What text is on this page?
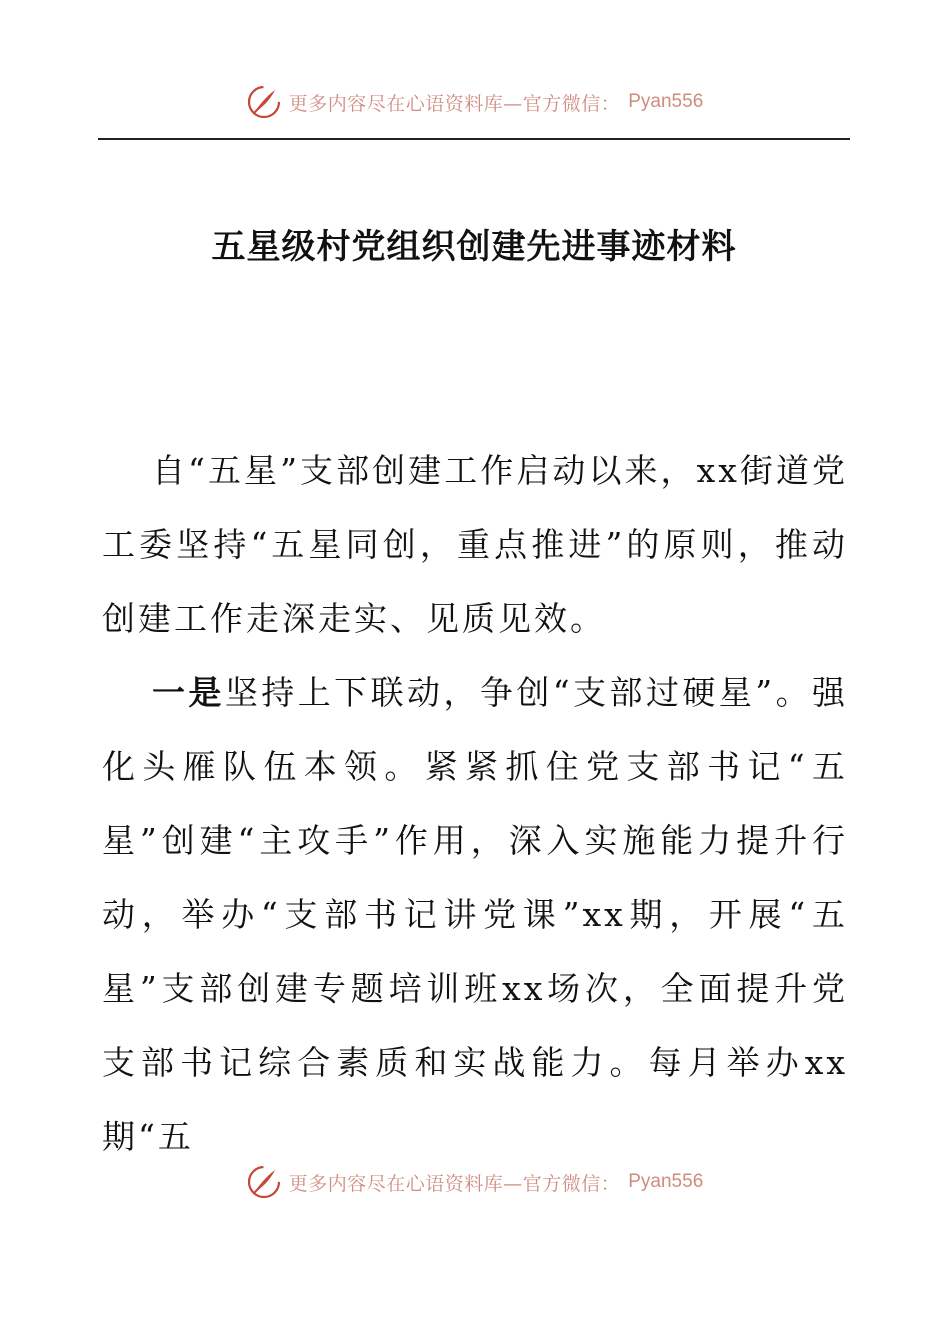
更多内容尽在心语资料库—官方微信： Pyan556
五星级村党组织创建先进事迹材料

自“五星”支部创建工作启动以来，xx街道党工委坚持“五星同创，重点推进”的原则，推动创建工作走深走实、见质见效。

一是坚持上下联动，争创“支部过硬星”。强化头雁队伍本领。紧紧抓住党支部书记“五星”创建“主攻手”作用，深入实施能力提升行动，举办“支部书记讲党课”xx期，开展“五星”支部创建专题培训班xx场次，全面提升党支部书记综合素质和实战能力。每月举办xx期“五

更多内容尽在心语资料库—官方微信： Pyan556
